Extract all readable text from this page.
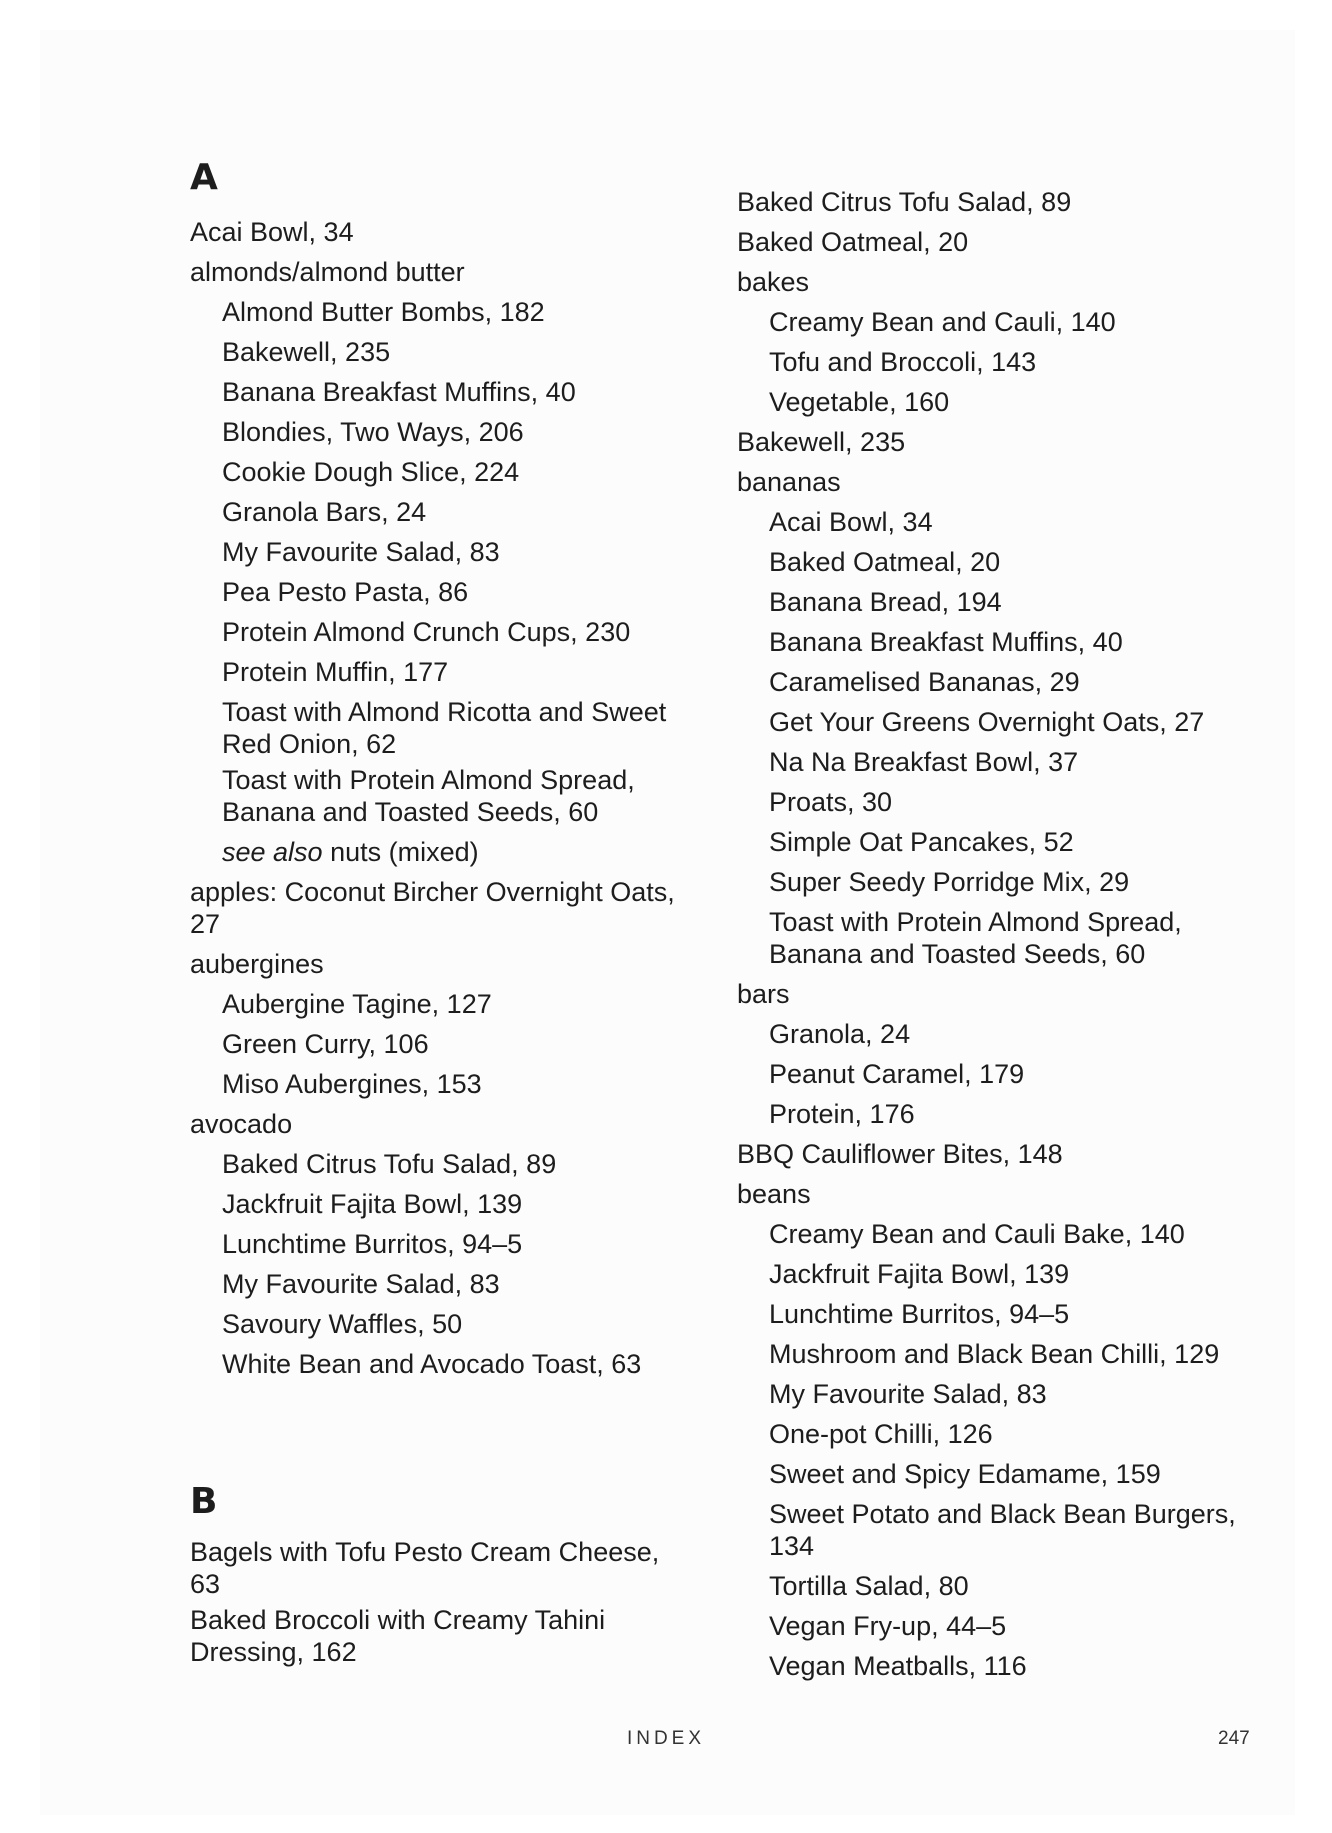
A
Acai Bowl, 34
almonds/almond butter
Almond Butter Bombs, 182
Bakewell, 235
Banana Breakfast Muffins, 40
Blondies, Two Ways, 206
Cookie Dough Slice, 224
Granola Bars, 24
My Favourite Salad, 83
Pea Pesto Pasta, 86
Protein Almond Crunch Cups, 230
Protein Muffin, 177
Toast with Almond Ricotta and Sweet Red Onion, 62
Toast with Protein Almond Spread, Banana and Toasted Seeds, 60
see also nuts (mixed)
apples: Coconut Bircher Overnight Oats, 27
aubergines
Aubergine Tagine, 127
Green Curry, 106
Miso Aubergines, 153
avocado
Baked Citrus Tofu Salad, 89
Jackfruit Fajita Bowl, 139
Lunchtime Burritos, 94–5
My Favourite Salad, 83
Savoury Waffles, 50
White Bean and Avocado Toast, 63
B
Bagels with Tofu Pesto Cream Cheese, 63
Baked Broccoli with Creamy Tahini Dressing, 162
Baked Citrus Tofu Salad, 89
Baked Oatmeal, 20
bakes
Creamy Bean and Cauli, 140
Tofu and Broccoli, 143
Vegetable, 160
Bakewell, 235
bananas
Acai Bowl, 34
Baked Oatmeal, 20
Banana Bread, 194
Banana Breakfast Muffins, 40
Caramelised Bananas, 29
Get Your Greens Overnight Oats, 27
Na Na Breakfast Bowl, 37
Proats, 30
Simple Oat Pancakes, 52
Super Seedy Porridge Mix, 29
Toast with Protein Almond Spread, Banana and Toasted Seeds, 60
bars
Granola, 24
Peanut Caramel, 179
Protein, 176
BBQ Cauliflower Bites, 148
beans
Creamy Bean and Cauli Bake, 140
Jackfruit Fajita Bowl, 139
Lunchtime Burritos, 94–5
Mushroom and Black Bean Chilli, 129
My Favourite Salad, 83
One-pot Chilli, 126
Sweet and Spicy Edamame, 159
Sweet Potato and Black Bean Burgers, 134
Tortilla Salad, 80
Vegan Fry-up, 44–5
Vegan Meatballs, 116
INDEX	247
